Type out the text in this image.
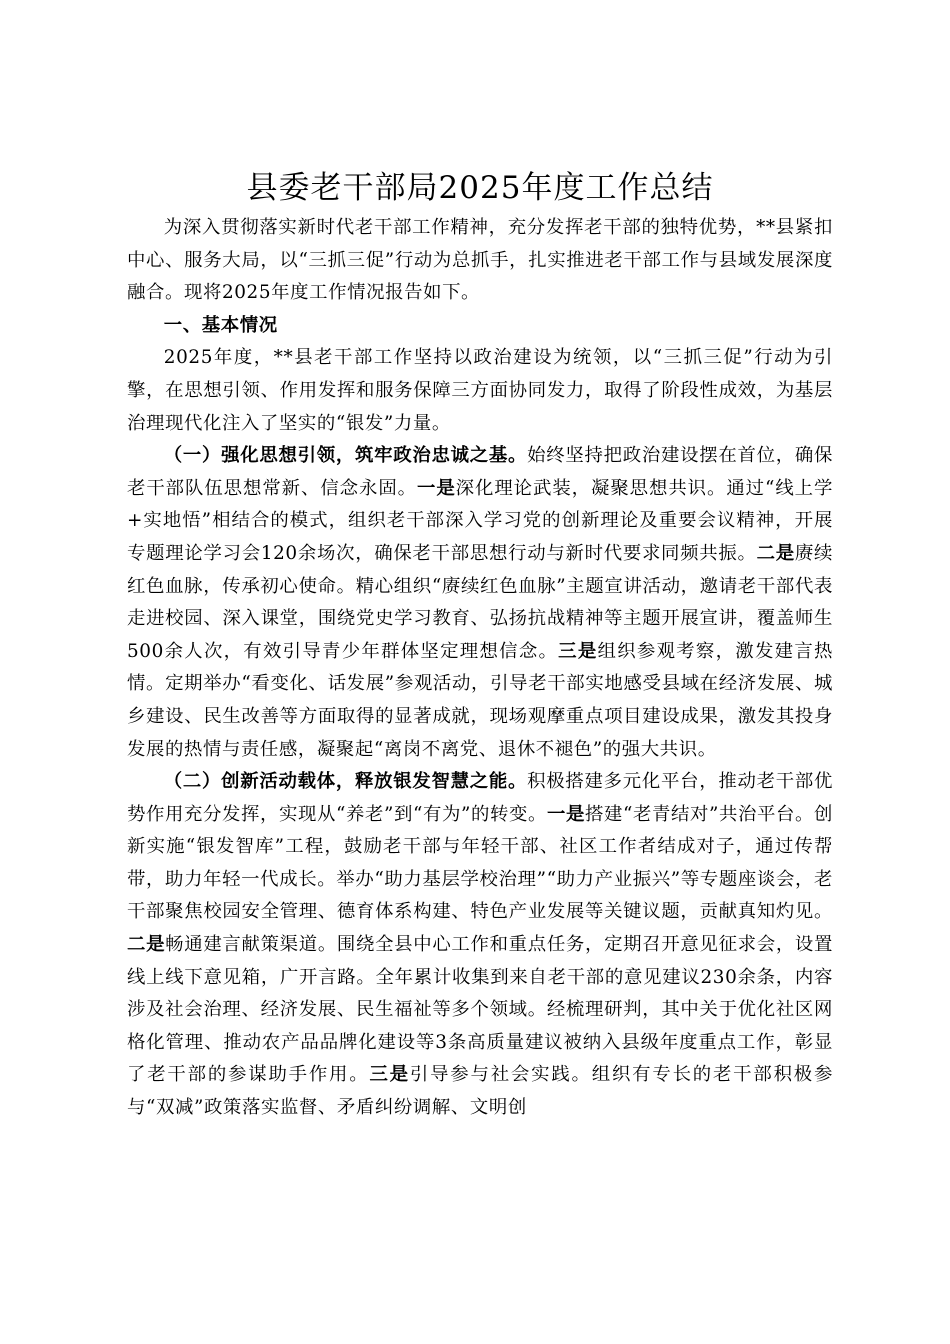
县委老干部局2025年度工作总结

为深入贯彻落实新时代老干部工作精神，充分发挥老干部的独特优势，**县紧扣中心、服务大局，以“三抓三促”行动为总抓手，扎实推进老干部工作与县域发展深度融合。现将2025年度工作情况报告如下。

一、基本情况

2025年度，**县老干部工作坚持以政治建设为统领，以“三抓三促”行动为引擎，在思想引领、作用发挥和服务保障三方面协同发力，取得了阶段性成效，为基层治理现代化注入了坚实的“银发”力量。

（一）强化思想引领，筑牢政治忠诚之基。始终坚持把政治建设摆在首位，确保老干部队伍思想常新、信念永固。一是深化理论武装，凝聚思想共识。通过“线上学+实地悟”相结合的模式，组织老干部深入学习党的创新理论及重要会议精神，开展专题理论学习会120余场次，确保老干部思想行动与新时代要求同频共振。二是赓续红色血脉，传承初心使命。精心组织“赓续红色血脉”主题宣讲活动，邀请老干部代表走进校园、深入课堂，围绕党史学习教育、弘扬抗战精神等主题开展宣讲，覆盖师生500余人次，有效引导青少年群体坚定理想信念。三是组织参观考察，激发建言热情。定期举办“看变化、话发展”参观活动，引导老干部实地感受县域在经济发展、城乡建设、民生改善等方面取得的显著成就，现场观摩重点项目建设成果，激发其投身发展的热情与责任感，凝聚起“离岗不离党、退休不褪色”的强大共识。

（二）创新活动载体，释放银发智慧之能。积极搭建多元化平台，推动老干部优势作用充分发挥，实现从“养老”到“有为”的转变。一是搭建“老青结对”共治平台。创新实施“银发智库”工程，鼓励老干部与年轻干部、社区工作者结成对子，通过传帮带，助力年轻一代成长。举办“助力基层学校治理”“助力产业振兴”等专题座谈会，老干部聚焦校园安全管理、德育体系构建、特色产业发展等关键议题，贡献真知灼见。二是畅通建言献策渠道。围绕全县中心工作和重点任务，定期召开意见征求会，设置线上线下意见箱，广开言路。全年累计收集到来自老干部的意见建议230余条，内容涉及社会治理、经济发展、民生福祉等多个领域。经梳理研判，其中关于优化社区网格化管理、推动农产品品牌化建设等3条高质量建议被纳入县级年度重点工作，彰显了老干部的参谋助手作用。三是引导参与社会实践。组织有专长的老干部积极参与“双减”政策落实监督、矛盾纠纷调解、文明创
